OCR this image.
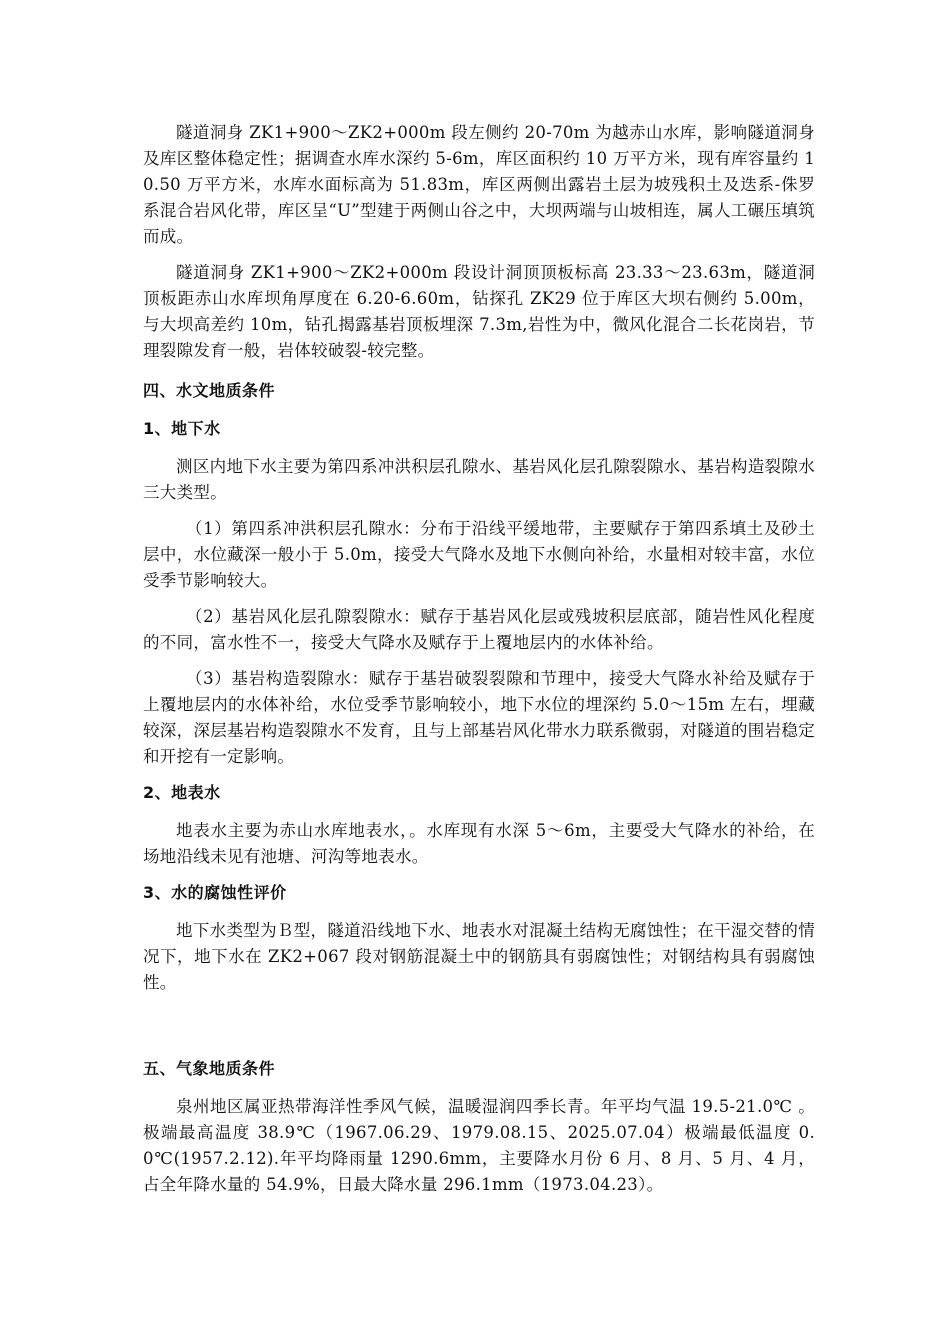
隧道洞身 ZK1+900～ZK2+000m 段左侧约 20-70m 为越赤山水库，影响隧道洞身及库区整体稳定性；据调查水库水深约 5-6m，库区面积约 10 万平方米，现有库容量约 10.50 万平方米，水库水面标高为 51.83m，库区两侧出露岩土层为坡残积土及迭系-侏罗系混合岩风化带，库区呈“U”型建于两侧山谷之中，大坝两端与山坡相连，属人工碾压填筑而成。

隧道洞身 ZK1+900～ZK2+000m 段设计洞顶顶板标高 23.33～23.63m，隧道洞顶板距赤山水库坝角厚度在 6.20-6.60m，钻探孔 ZK29 位于库区大坝右侧约 5.00m，与大坝高差约 10m，钻孔揭露基岩顶板埋深 7.3m,岩性为中，微风化混合二长花岗岩，节理裂隙发育一般，岩体较破裂-较完整。

四、水文地质条件
1、地下水

测区内地下水主要为第四系冲洪积层孔隙水、基岩风化层孔隙裂隙水、基岩构造裂隙水三大类型。

（1）第四系冲洪积层孔隙水：分布于沿线平缓地带，主要赋存于第四系填土及砂土层中，水位藏深一般小于 5.0m，接受大气降水及地下水侧向补给，水量相对较丰富，水位受季节影响较大。

（2）基岩风化层孔隙裂隙水：赋存于基岩风化层或残坡积层底部，随岩性风化程度的不同，富水性不一，接受大气降水及赋存于上覆地层内的水体补给。

（3）基岩构造裂隙水：赋存于基岩破裂裂隙和节理中，接受大气降水补给及赋存于上覆地层内的水体补给，水位受季节影响较小，地下水位的埋深约 5.0～15m 左右，埋藏较深，深层基岩构造裂隙水不发育，且与上部基岩风化带水力联系微弱，对隧道的围岩稳定和开挖有一定影响。

2、地表水

地表水主要为赤山水库地表水，。水库现有水深 5～6m，主要受大气降水的补给，在场地沿线未见有池塘、河沟等地表水。

3、水的腐蚀性评价

地下水类型为Ｂ型，隧道沿线地下水、地表水对混凝土结构无腐蚀性；在干湿交替的情况下，地下水在 ZK2+067 段对钢筋混凝土中的钢筋具有弱腐蚀性；对钢结构具有弱腐蚀性。

五、气象地质条件

泉州地区属亚热带海洋性季风气候，温暖湿润四季长青。年平均气温 19.5-21.0℃ 。极端最高温度 38.9℃（1967.06.29、1979.08.15、2025.07.04）极端最低温度 0.0℃(1957.2.12).年平均降雨量 1290.6mm，主要降水月份 6 月、8 月、5 月、4 月，占全年降水量的 54.9%，日最大降水量 296.1mm（1973.04.23）。
